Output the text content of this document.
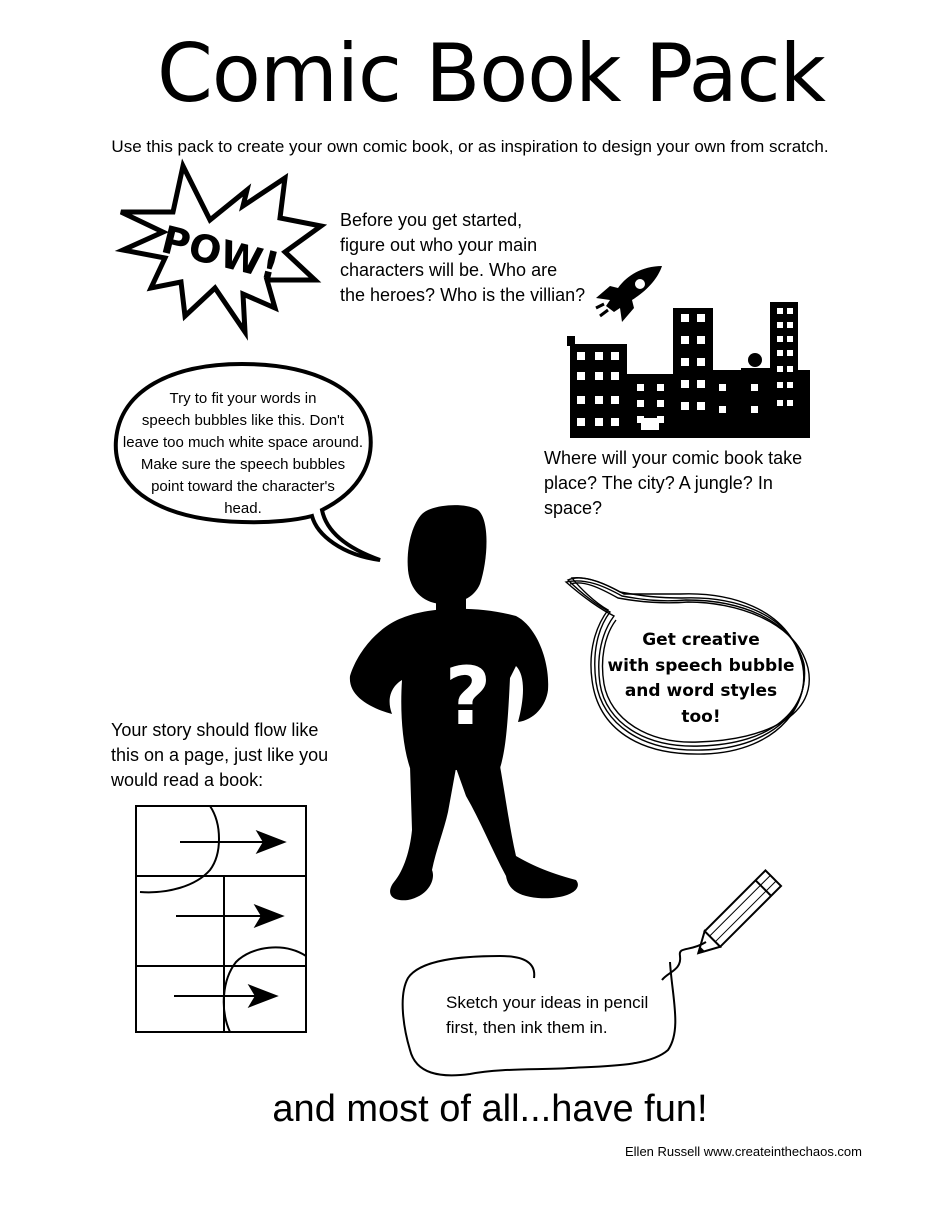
Comic Book Pack
Use this pack to create your own comic book, or as inspiration to design your own from scratch.
POW!	Before you get started,
figure out who your main
characters will be. Who are
the heroes? Who is the villian?
Try to fit your words in
speech bubbles like this. Don't
leave too much white space around.
Make sure the speech bubbles
point toward the character's
head.
Where will your comic book take
place? The city? A jungle? In space?
?
Get creative
with speech bubble
and word styles
too!
Your story should flow like
this on a page, just like you
would read a book:
Sketch your ideas in pencil
first, then ink them in.
and most of all...have fun!
Ellen Russell www.createinthechaos.com
